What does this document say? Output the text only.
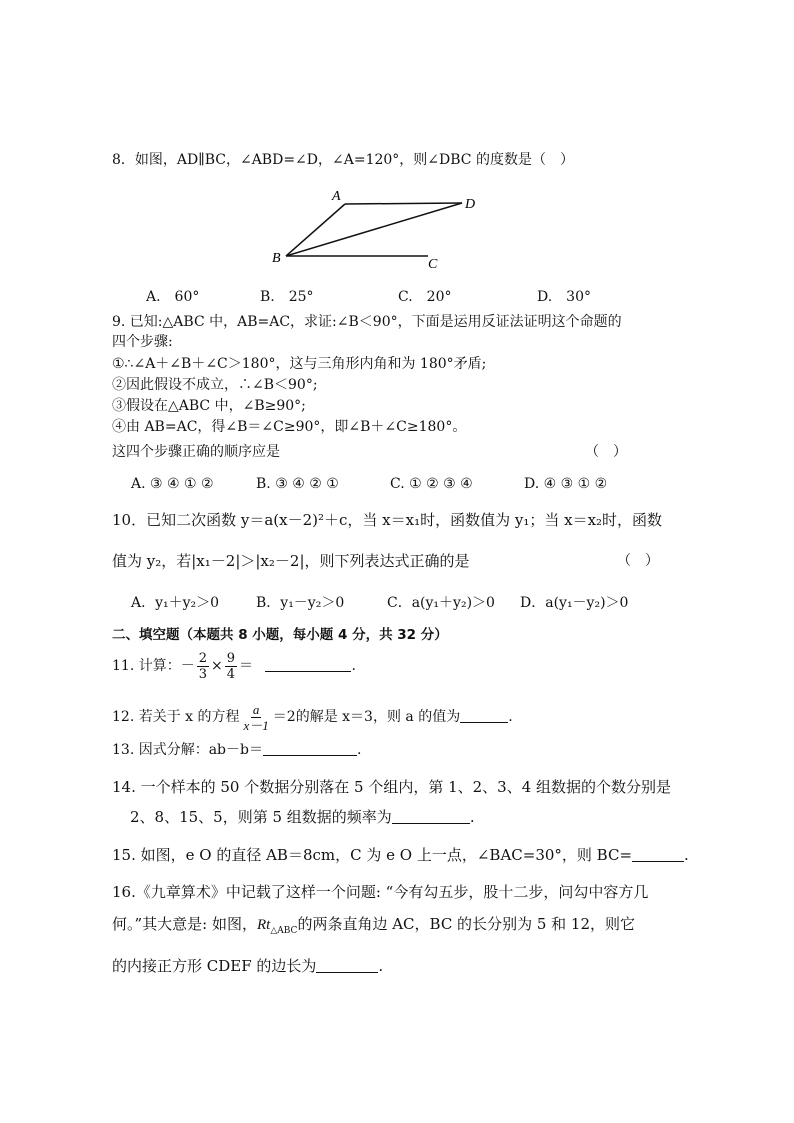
8．如图，AD∥BC，∠ABD=∠D，∠A=120°，则∠DBC 的度数是（　）
A
D
B	C
A.　60°	B.　25°	C.　20°	D.　30°
9. 已知:△ABC 中，AB=AC，求证:∠B＜90°，下面是运用反证法证明这个命题的
四个步骤:
①∴∠A＋∠B＋∠C＞180°，这与三角形内角和为 180°矛盾;
②因此假设不成立，∴∠B＜90°;
③假设在△ABC 中，∠B≥90°;
④由 AB=AC，得∠B＝∠C≥90°，即∠B＋∠C≥180°。
这四个步骤正确的顺序应是	（　）
A. ③ ④ ① ②	B. ③ ④ ② ①	C. ① ② ③ ④	D. ④ ③ ① ②
10．已知二次函数 y＝a(x－2)²＋c，当 x＝x₁时，函数值为 y₁；当 x＝x₂时，函数
值为 y₂，若|x₁－2|＞|x₂－2|，则下列表达式正确的是	（　）
A．y₁＋y₂＞0	B．y₁－y₂＞0	C．a(y₁＋y₂)＞0 D．a(y₁－y₂)＞0
二、填空题（本题共 8 小题，每小题 4 分，共 32 分）
11. 计算：－ $\frac{2}{3} \times \frac{9}{4}$ ＝	.
12. 若关于 x 的方程 $\frac{a}{x-1} =2$的解是 x＝3，则 a 的值为	.
13. 因式分解：ab－b＝	.
14. 一个样本的 50 个数据分别落在 5 个组内，第 1、2、3、4 组数据的个数分别是
2、8、15、5，则第 5 组数据的频率为	.
15. 如图，e O 的直径 AB＝8cm，C 为 e O 上一点，∠BAC=30°，则 BC=	.
16.《九章算术》中记载了这样一个问题: “今有勾五步，股十二步，问勾中容方几
何。”其大意是: 如图，$Rt_{\triangle ABC}$的两条直角边 AC，BC 的长分别为 5 和 12，则它
的内接正方形 CDEF 的边长为	.
